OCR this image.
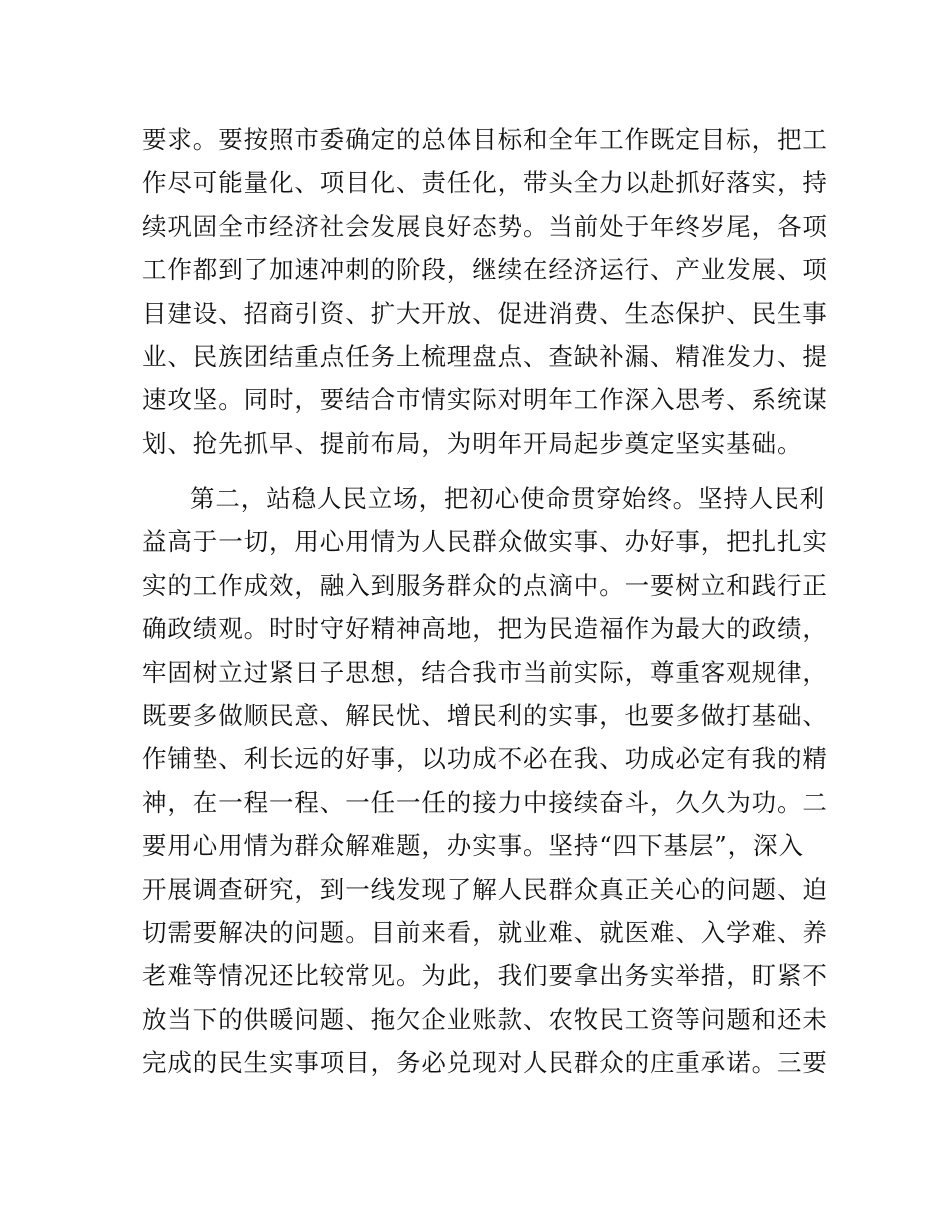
要求。要按照市委确定的总体目标和全年工作既定目标，把工
作尽可能量化、项目化、责任化，带头全力以赴抓好落实，持
续巩固全市经济社会发展良好态势。当前处于年终岁尾，各项
工作都到了加速冲刺的阶段，继续在经济运行、产业发展、项
目建设、招商引资、扩大开放、促进消费、生态保护、民生事
业、民族团结重点任务上梳理盘点、查缺补漏、精准发力、提
速攻坚。同时，要结合市情实际对明年工作深入思考、系统谋
划、抢先抓早、提前布局，为明年开局起步奠定坚实基础。
第二，站稳人民立场，把初心使命贯穿始终。坚持人民利
益高于一切，用心用情为人民群众做实事、办好事，把扎扎实
实的工作成效，融入到服务群众的点滴中。一要树立和践行正
确政绩观。时时守好精神高地，把为民造福作为最大的政绩，
牢固树立过紧日子思想，结合我市当前实际，尊重客观规律，
既要多做顺民意、解民忧、增民利的实事，也要多做打基础、
作铺垫、利长远的好事，以功成不必在我、功成必定有我的精
神，在一程一程、一任一任的接力中接续奋斗，久久为功。二
要用心用情为群众解难题，办实事。坚持“四下基层”，深入
开展调查研究，到一线发现了解人民群众真正关心的问题、迫
切需要解决的问题。目前来看，就业难、就医难、入学难、养
老难等情况还比较常见。为此，我们要拿出务实举措，盯紧不
放当下的供暖问题、拖欠企业账款、农牧民工资等问题和还未
完成的民生实事项目，务必兑现对人民群众的庄重承诺。三要
